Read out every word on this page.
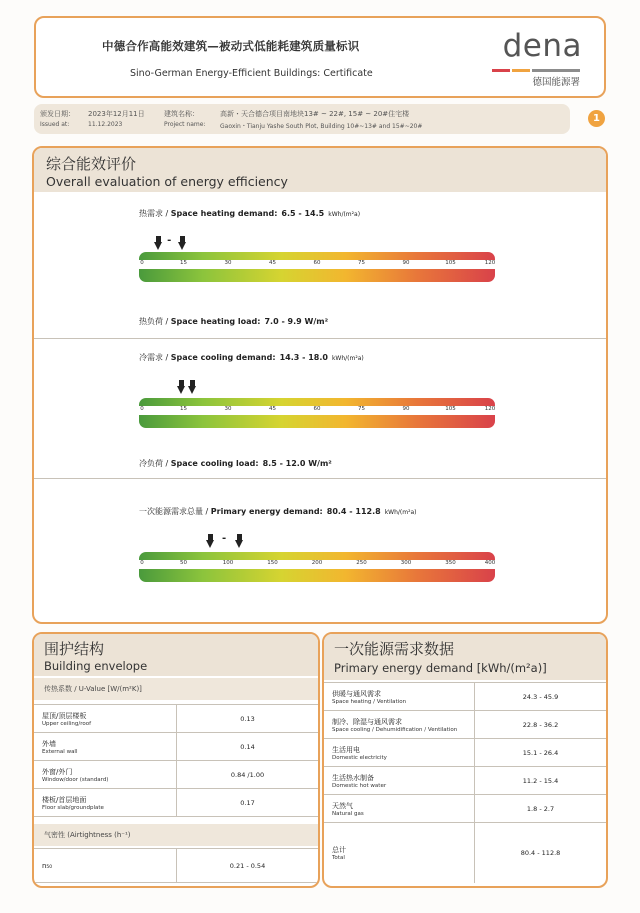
中德合作高能效建筑—被动式低能耗建筑质量标识
Sino-German Energy-Efficient Buildings: Certificate
dena
德国能源署
颁发日期： 2023年12月11日
Issued at:	11.12.2023
建筑名称：	高新・天合德合项目南地块13# ~ 22#, 15# ~ 20#住宅楼
Project name: Gaoxin・Tianju Yashe South Plot, Building 10#~13# and 15#~20#
1
综合能效评价
Overall evaluation of energy efficiency
热需求 / Space heating demand: 6.5 - 14.5 kWh/(m²a)
0	15	30	45	60	75	90	105	120
热负荷 / Space heating load: 7.0 - 9.9 W/m²
冷需求 / Space cooling demand: 14.3 - 18.0 kWh/(m²a)
0	15	30	45	60	75	90	105	120
冷负荷 / Space cooling load: 8.5 - 12.0 W/m²
一次能源需求总量 / Primary energy demand: 80.4 - 112.8 kWh/(m²a)
0	50	100	150	200	250	300	350	400
-
-
围护结构
Building envelope
传热系数 / U-Value [W/(m²K)]
屋顶/顶层楼板
Upper ceiling/roof	0.13

外墙
External wall	0.14

外窗/外门
Window/door (standard)	0.84 /1.00

楼板/首层地面
Floor slab/groundplate	0.17
气密性 (Airtightness (h⁻¹)
n₅₀	0.21 - 0.54
一次能源需求数据
Primary energy demand [kWh/(m²a)]
供暖与通风需求
Space heating / Ventilation	24.3 - 45.9

制冷、除湿与通风需求
Space cooling / Dehumidification / Ventilation	22.8 - 36.2

生活用电
Domestic electricity	15.1 - 26.4

生活热水制备
Domestic hot water	11.2 - 15.4

天然气
Natural gas	1.8 - 2.7

总计
Total	80.4 - 112.8
